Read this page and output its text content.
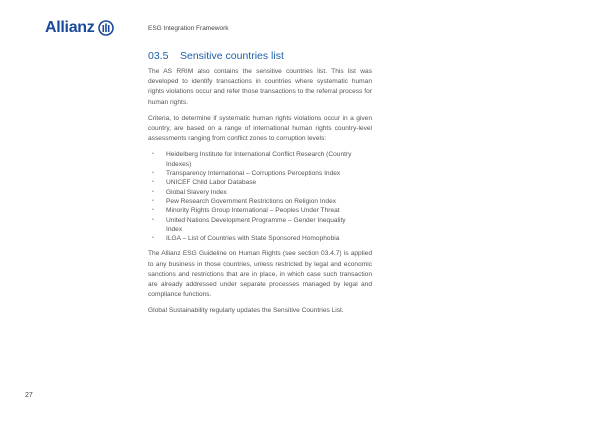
Allianz	ESG Integration Framework
03.5	Sensitive countries list

The AS RRIM also contains the sensitive countries list. This list was developed to identify transactions in countries where systematic human rights violations occur and refer those transactions to the referral process for human rights.

Criteria, to determine if systematic human rights violations occur in a given country, are based on a range of international human rights country-level assessments ranging from conflict zones to corruption levels:

• Heidelberg Institute for International Conflict Research (Country Indexes)
• Transparency International – Corruptions Perceptions Index
• UNICEF Child Labor Database
• Global Slavery Index
• Pew Research Government Restrictions on Religion Index
• Minority Rights Group International – Peoples Under Threat
• United Nations Development Programme – Gender Inequality Index
• ILGA – List of Countries with State Sponsored Homophobia

The Allianz ESG Guideline on Human Rights (see section 03.4.7) is applied to any business in those countries, unless restricted by legal and economic sanctions and restrictions that are in place, in which case such transaction are already addressed under separate processes managed by legal and compliance functions.

Global Sustainability regularly updates the Sensitive Countries List.

27
